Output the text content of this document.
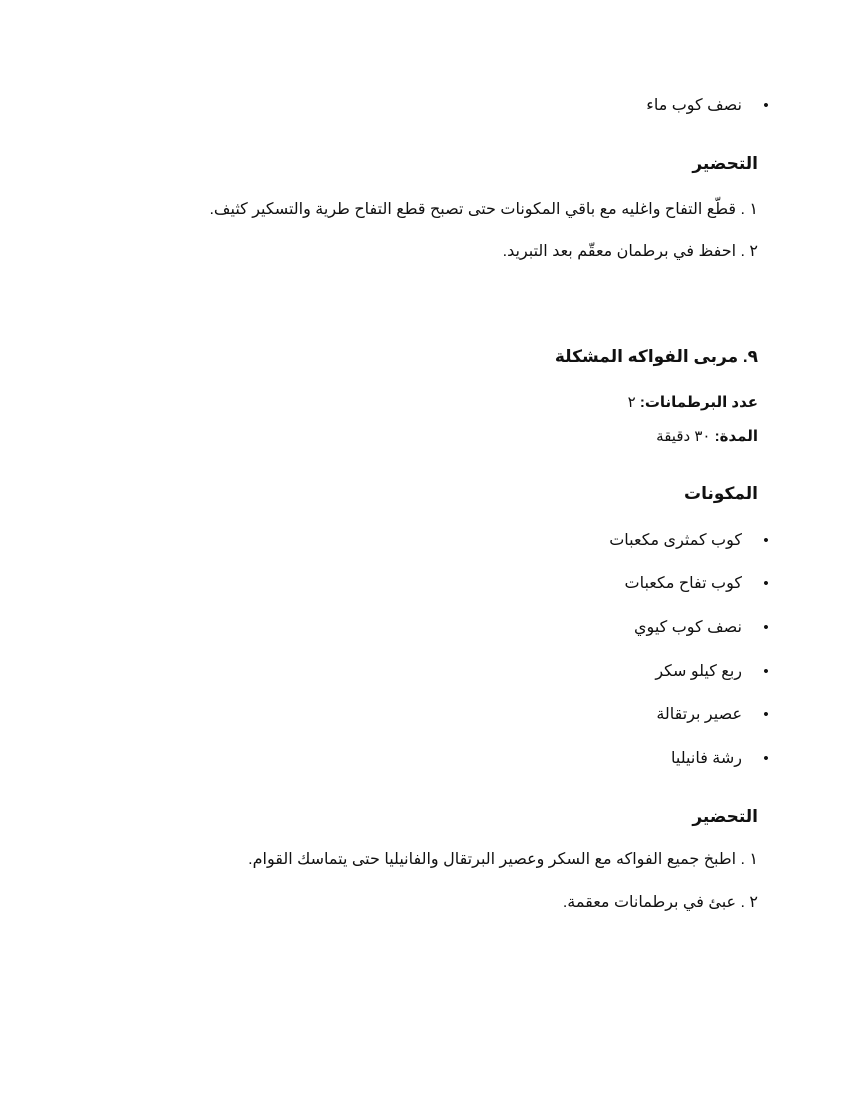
•
نصف كوب ماء
التحضير
١ . قطّع التفاح واغليه مع باقي المكونات حتى تصبح قطع التفاح طرية والتسكير كثيف.
٢ . احفظ في برطمان معقّم بعد التبريد.
٩. مربى الفواكه المشكلة
عدد البرطمانات: ٢
المدة: ٣٠ دقيقة
المكونات
•
كوب كمثرى مكعبات
•
كوب تفاح مكعبات
•
نصف كوب كيوي
•
ربع كيلو سكر
•
عصير برتقالة
•
رشة فانيليا
التحضير
١ . اطبخ جميع الفواكه مع السكر وعصير البرتقال والفانيليا حتى يتماسك القوام.
٢ . عبئ في برطمانات معقمة.
